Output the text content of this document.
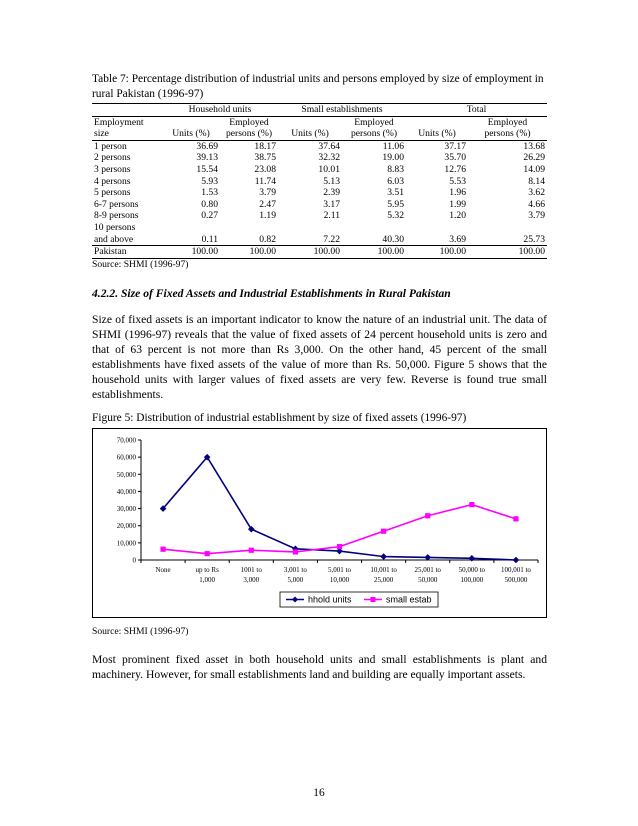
Table 7: Percentage distribution of industrial units and persons employed by size of employment in rural Pakistan (1996-97)

	Household units		Small establishments		Total	
Employment		Employed		Employed		Employed
size	Units (%)	persons (%)	Units (%)	persons (%)	Units (%)	persons (%)
1 person	36.69	18.17	37.64	11.06	37.17	13.68
2 persons	39.13	38.75	32.32	19.00	35.70	26.29
3 persons	15.54	23.08	10.01	8.83	12.76	14.09
4 persons	5.93	11.74	5.13	6.03	5.53	8.14
5 persons	1.53	3.79	2.39	3.51	1.96	3.62
6-7 persons	0.80	2.47	3.17	5.95	1.99	4.66
8-9 persons	0.27	1.19	2.11	5.32	1.20	3.79
10 persons						
and above	0.11	0.82	7.22	40.30	3.69	25.73
Pakistan	100.00	100.00	100.00	100.00	100.00	100.00

Source: SHMI (1996-97)

4.2.2. Size of Fixed Assets and Industrial Establishments in Rural Pakistan

Size of fixed assets is an important indicator to know the nature of an industrial unit. The data of SHMI (1996-97) reveals that the value of fixed assets of 24 percent household units is zero and that of 63 percent is not more than Rs 3,000. On the other hand, 45 percent of the small establishments have fixed assets of the value of more than Rs. 50,000. Figure 5 shows that the household units with larger values of fixed assets are very few. Reverse is found true small establishments.

Figure 5: Distribution of industrial establishment by size of fixed assets (1996-97)

0
10,000
20,000
30,000
40,000
50,000
60,000
70,000
None	up to Rs
1,000
1001 to
3,000
3,001 to
5,000
5,001 to
10,000
10,001 to
25,000
25,001 to
50,000
50,000 to
100,000
100,001 to
500,000
hhold units	small estab

Source: SHMI (1996-97)

Most prominent fixed asset in both household units and small establishments is plant and machinery. However, for small establishments land and building are equally important assets.

16
